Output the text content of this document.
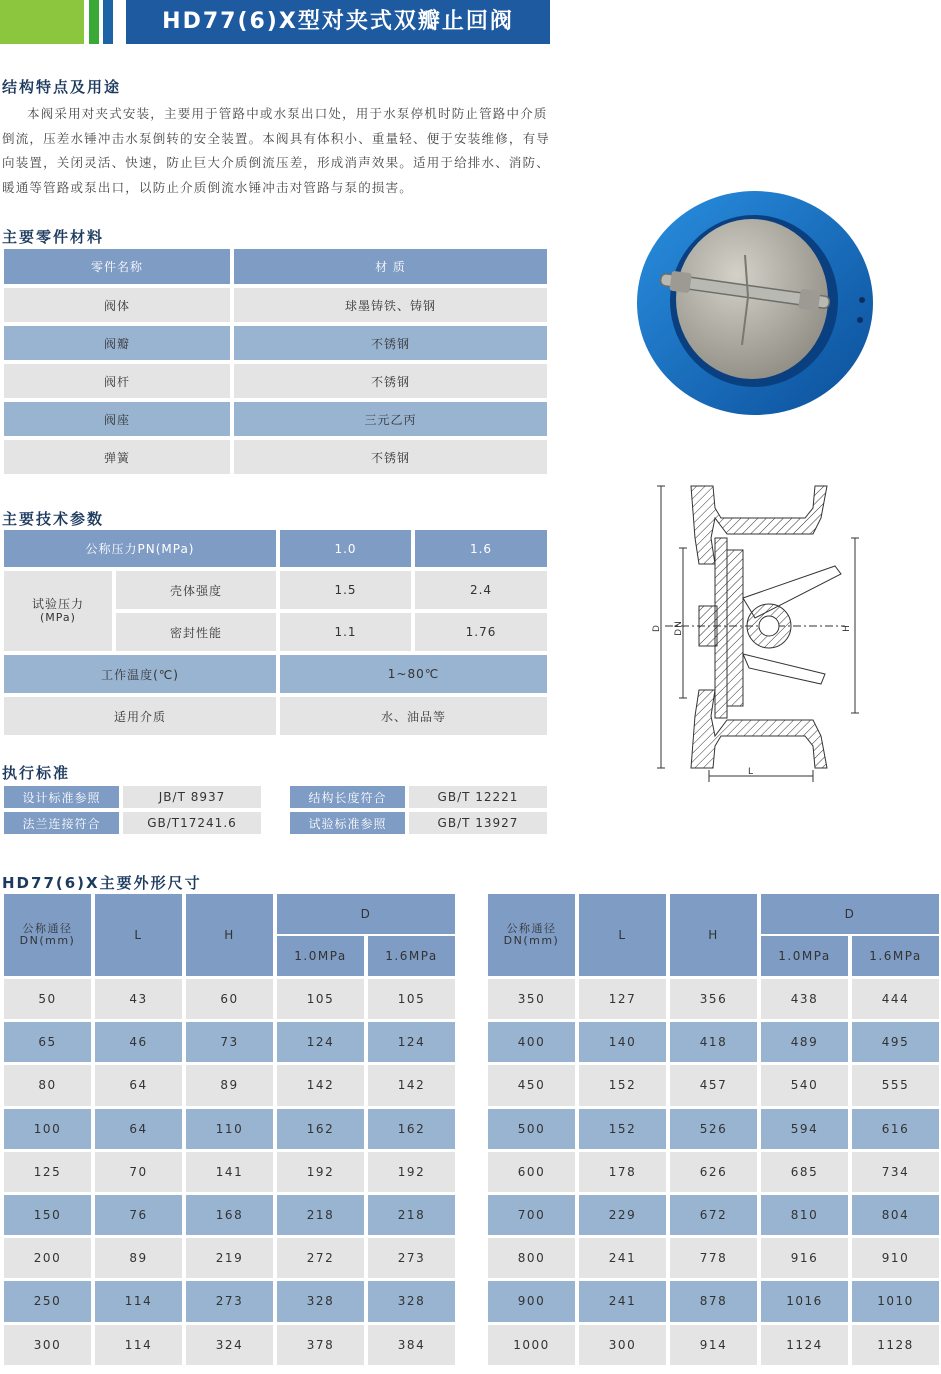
HD77(6)X型对夹式双瓣止回阀
结构特点及用途
本阀采用对夹式安装，主要用于管路中或水泵出口处，用于水泵停机时防止管路中介质倒流，压差水锤冲击水泵倒转的安全装置。本阀具有体积小、重量轻、便于安装维修，有导向装置，关闭灵活、快速，防止巨大介质倒流压差，形成消声效果。适用于给排水、消防、暖通等管路或泵出口，以防止介质倒流水锤冲击对管路与泵的损害。
主要零件材料
零件名称	材 质
阀体	球墨铸铁、铸钢
阀瓣	不锈钢
阀杆	不锈钢
阀座	三元乙丙
弹簧	不锈钢
主要技术参数
公称压力PN(MPa)	1.0	1.6
试验压力
(MPa)
壳体强度	1.5	2.4
密封性能	1.1	1.76
工作温度(℃)	1~80℃
适用介质	水、油品等
执行标准
设计标准参照	JB/T 8937	结构长度符合	GB/T 12221
法兰连接符合	GB/T17241.6	试验标准参照	GB/T 13927
D DN	H
L
HD77(6)X主要外形尺寸
公称通径
DN(mm)	L	H
D
1.0MPa	1.6MPa
50	43	60	105	105
65	46	73	124	124
80	64	89	142	142
100	64	110	162	162
125	70	141	192	192
150	76	168	218	218
200	89	219	272	273
250	114	273	328	328
300	114	324	378	384
公称通径
DN(mm)	L	H
D
1.0MPa	1.6MPa
350	127	356	438	444
400	140	418	489	495
450	152	457	540	555
500	152	526	594	616
600	178	626	685	734
700	229	672	810	804
800	241	778	916	910
900	241	878	1016	1010
1000	300	914	1124	1128
